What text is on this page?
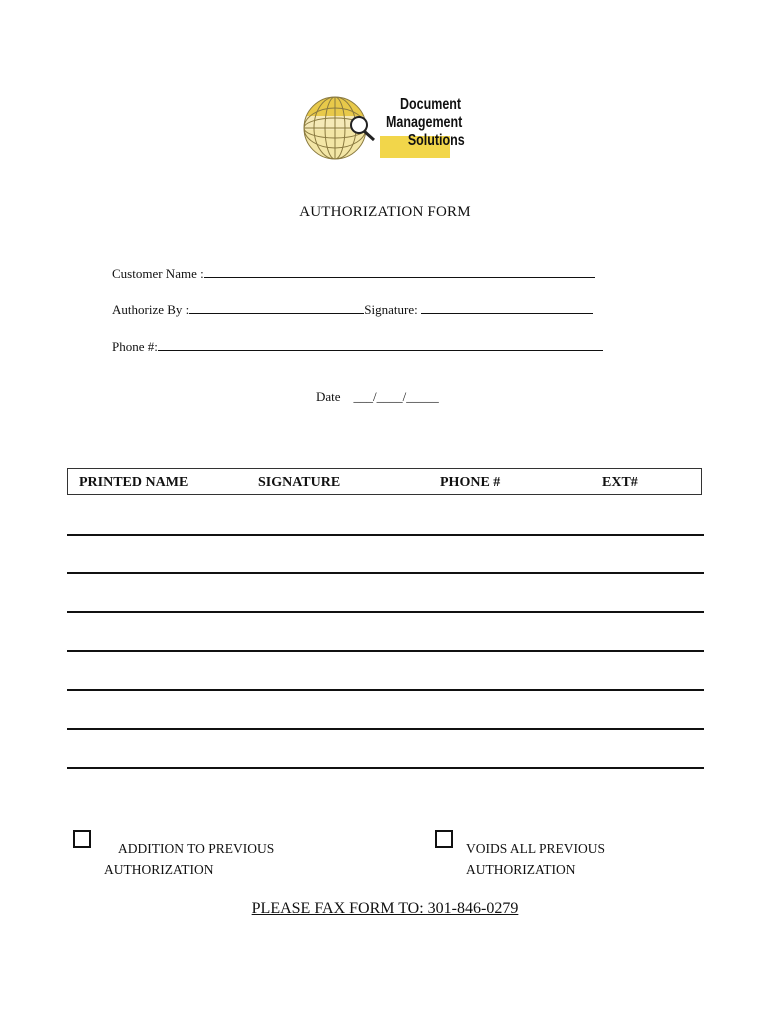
Document
Management
Solutions
AUTHORIZATION FORM
Customer Name :
Authorize By :	Signature:
Phone #:
Date ___/____/_____
PRINTED NAME	SIGNATURE	PHONE #	EXT#
ADDITION TO PREVIOUS
AUTHORIZATION
VOIDS ALL PREVIOUS
AUTHORIZATION
PLEASE FAX FORM TO: 301-846-0279
